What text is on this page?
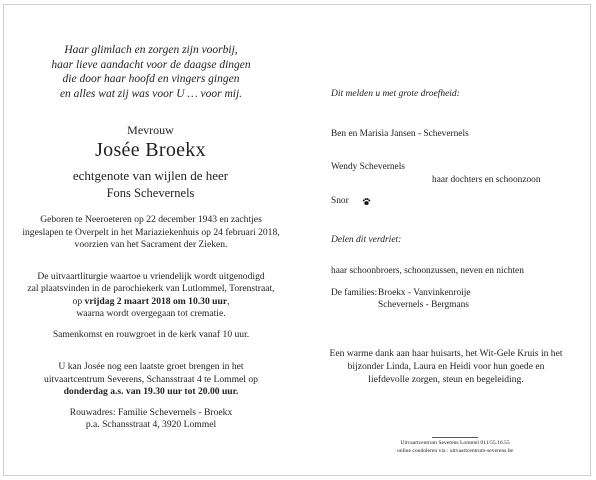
Haar glimlach en zorgen zijn voorbij,
haar lieve aandacht voor de daagse dingen
die door haar hoofd en vingers gingen
en alles wat zij was voor U … voor mij.
Mevrouw
Josée Broekx
echtgenote van wijlen de heer
Fons Schevernels
Geboren te Neeroeteren op 22 december 1943 en zachtjes
ingeslapen te Overpelt in het Mariaziekenhuis op 24 februari 2018,
voorzien van het Sacrament der Zieken.
De uitvaartliturgie waartoe u vriendelijk wordt uitgenodigd
zal plaatsvinden in de parochiekerk van Lutlommel, Torenstraat,
op vrijdag 2 maart 2018 om 10.30 uur,
waarna wordt overgegaan tot crematie.
Samenkomst en rouwgroet in de kerk vanaf 10 uur.
U kan Josée nog een laatste groet brengen in het
uitvaartcentrum Severens, Schansstraat 4 te Lommel op
donderdag a.s. van 19.30 uur tot 20.00 uur.
Rouwadres: Familie Schevernels - Broekx
p.a. Schansstraat 4, 3920 Lommel
Dit melden u met grote droefheid:
Ben en Marisia Jansen - Schevernels
Wendy Schevernels
haar dochters en schoonzoon
Snor
Delen dit verdriet:
haar schoonbroers, schoonzussen, neven en nichten
De families: Broekx - Vanvinkenroije
Schevernels - Bergmans
Een warme dank aan haar huisarts, het Wit-Gele Kruis in het
bijzonder Linda, Laura en Heidi voor hun goede en
liefdevolle zorgen, steun en begeleiding.
Uitvaartcentrum Severens Lommel 011/55.16.55
online condoleren via : uitvaartcentrum-severens.be
